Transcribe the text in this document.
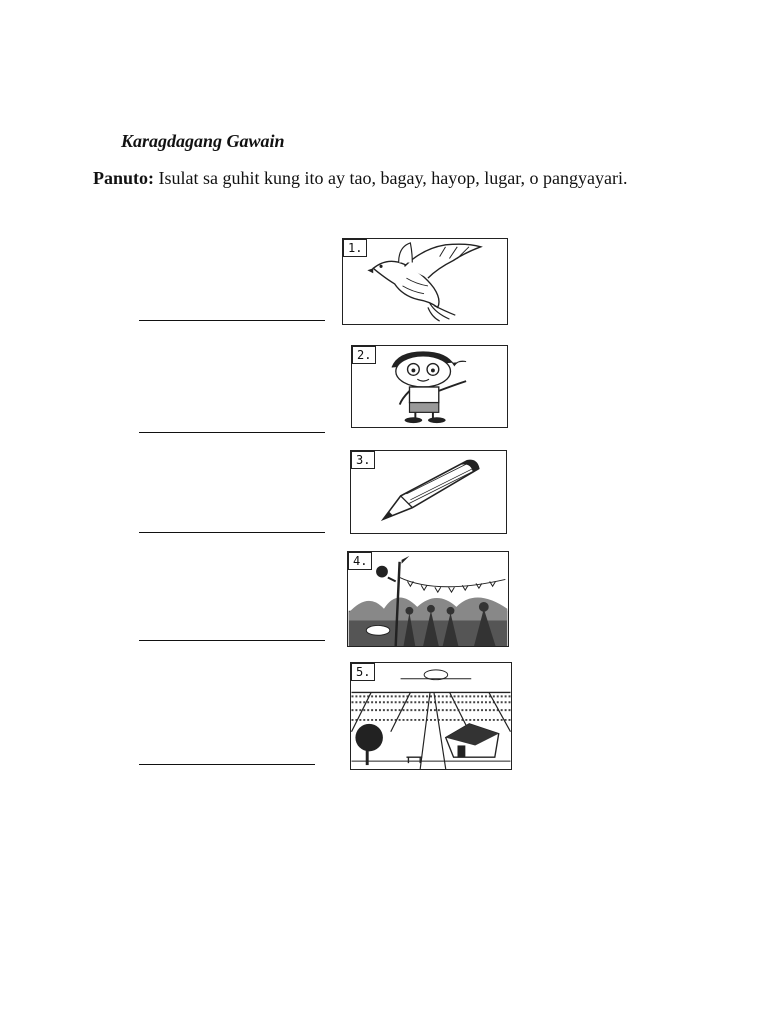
Karagdagang Gawain
Panuto: Isulat sa guhit kung ito ay tao, bagay, hayop, lugar, o pangyayari.
1.
2.
3.
4.
5.
